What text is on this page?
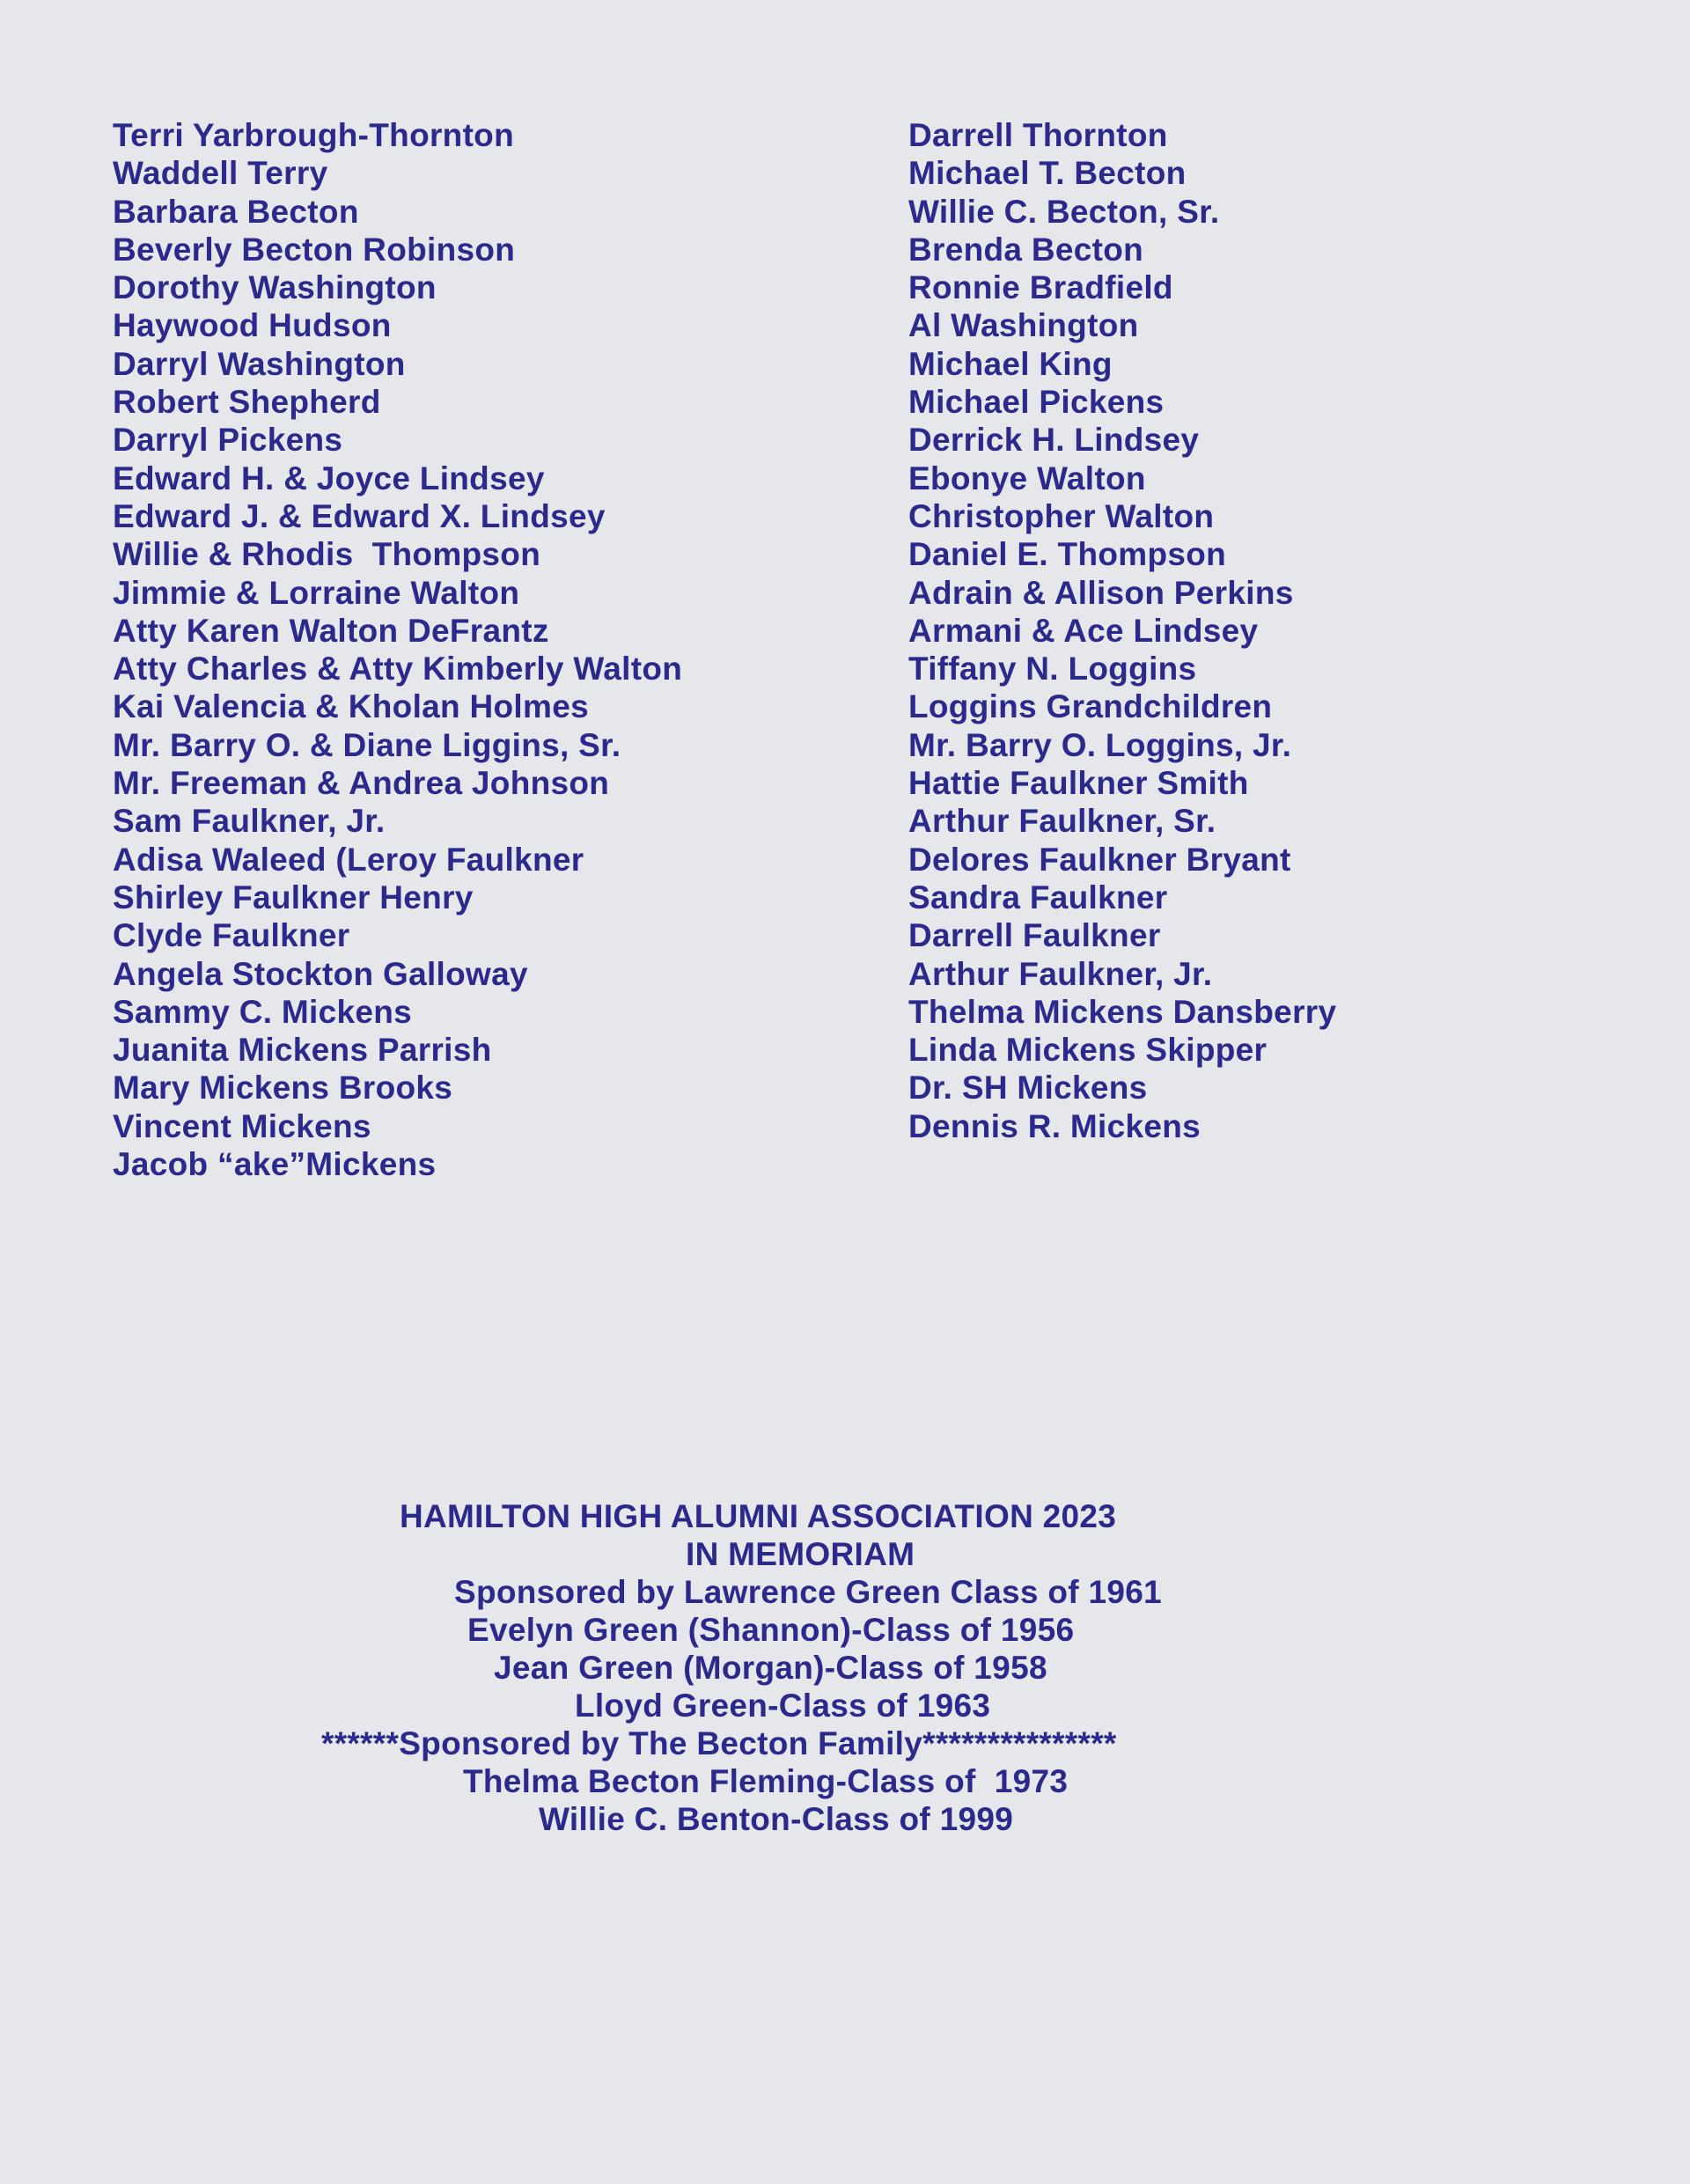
Terri Yarbrough-Thornton
Waddell Terry
Barbara Becton
Beverly Becton Robinson
Dorothy Washington
Haywood Hudson
Darryl Washington
Robert Shepherd
Darryl Pickens
Edward H. & Joyce Lindsey
Edward J. & Edward X. Lindsey
Willie & Rhodis  Thompson
Jimmie & Lorraine Walton
Atty Karen Walton DeFrantz
Atty Charles & Atty Kimberly Walton
Kai Valencia & Kholan Holmes
Mr. Barry O. & Diane Liggins, Sr.
Mr. Freeman & Andrea Johnson
Sam Faulkner, Jr.
Adisa Waleed (Leroy Faulkner
Shirley Faulkner Henry
Clyde Faulkner
Angela Stockton Galloway
Sammy C. Mickens
Juanita Mickens Parrish
Mary Mickens Brooks
Vincent Mickens
Jacob “ake”Mickens
Darrell Thornton
Michael T. Becton
Willie C. Becton, Sr.
Brenda Becton
Ronnie Bradfield
Al Washington
Michael King
Michael Pickens
Derrick H. Lindsey
Ebonye Walton
Christopher Walton
Daniel E. Thompson
Adrain & Allison Perkins
Armani & Ace Lindsey
Tiffany N. Loggins
Loggins Grandchildren
Mr. Barry O. Loggins, Jr.
Hattie Faulkner Smith
Arthur Faulkner, Sr.
Delores Faulkner Bryant
Sandra Faulkner
Darrell Faulkner
Arthur Faulkner, Jr.
Thelma Mickens Dansberry
Linda Mickens Skipper
Dr. SH Mickens
Dennis R. Mickens
HAMILTON HIGH ALUMNI ASSOCIATION 2023
IN MEMORIAM
Sponsored by Lawrence Green Class of 1961
Evelyn Green (Shannon)-Class of 1956
Jean Green (Morgan)-Class of 1958
Lloyd Green-Class of 1963
******Sponsored by The Becton Family***************
Thelma Becton Fleming-Class of  1973
Willie C. Benton-Class of 1999
